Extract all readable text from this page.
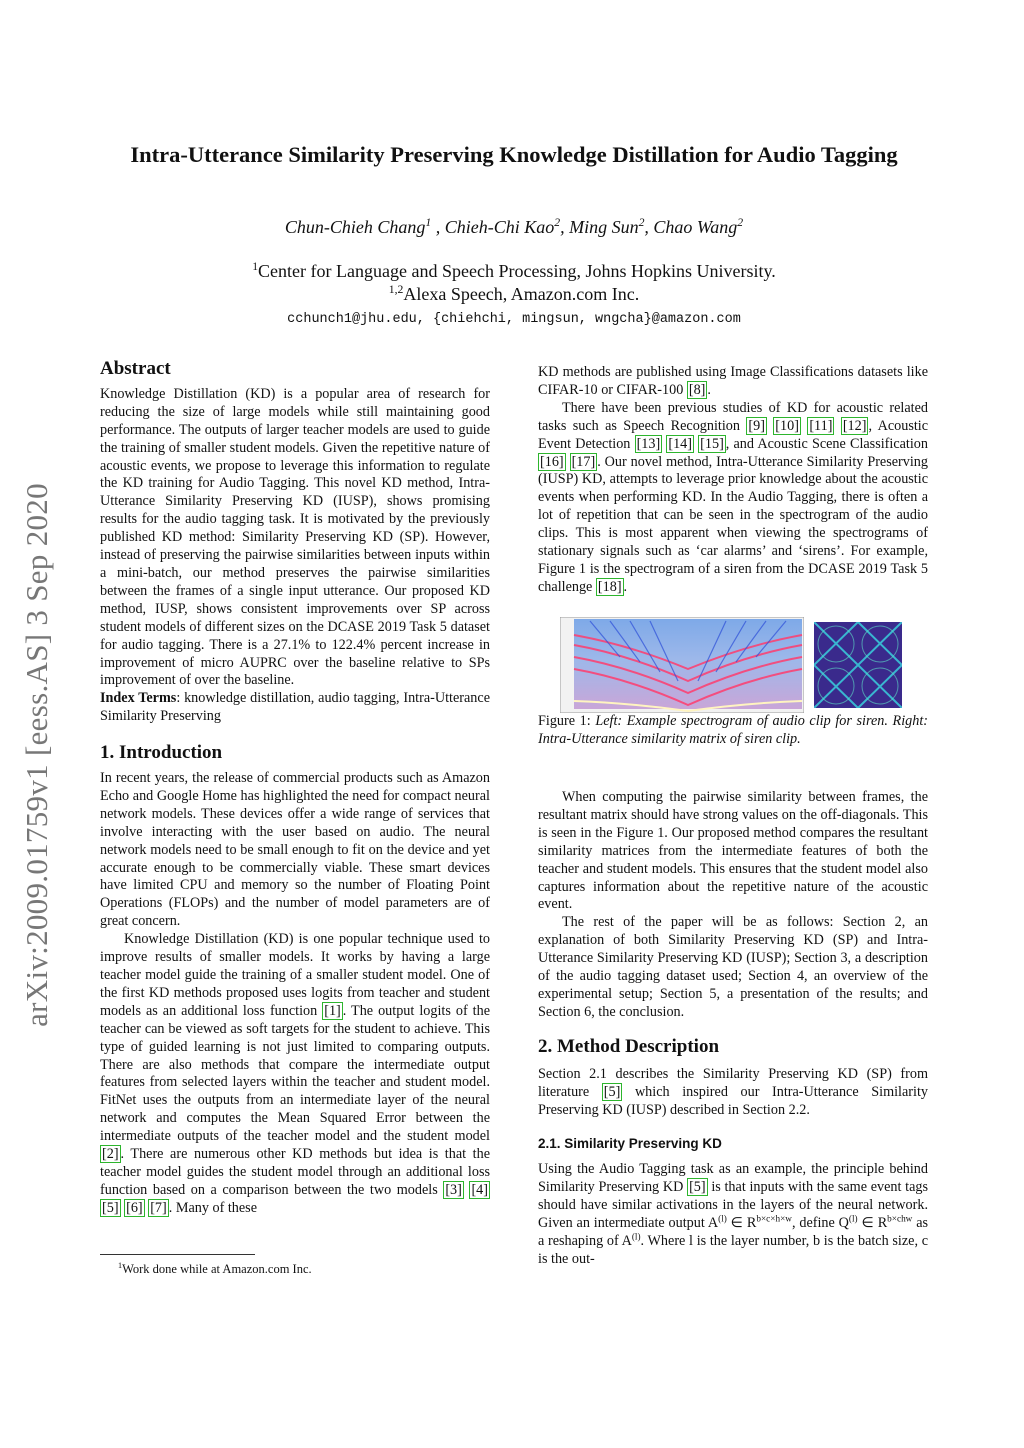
arXiv:2009.01759v1 [eess.AS] 3 Sep 2020
Intra-Utterance Similarity Preserving Knowledge Distillation for Audio Tagging
Chun-Chieh Chang$^1$ , Chieh-Chi Kao$^2$, Ming Sun$^2$, Chao Wang$^2$
$^1$Center for Language and Speech Processing, Johns Hopkins University.
$^{1,2}$Alexa Speech, Amazon.com Inc.
cchunch1@jhu.edu, {chiehchi, mingsun, wngcha}@amazon.com

Abstract

Knowledge Distillation (KD) is a popular area of research for reducing the size of large models while still maintaining good performance. The outputs of larger teacher models are used to guide the training of smaller student models. Given the repetitive nature of acoustic events, we propose to leverage this information to regulate the KD training for Audio Tagging. This novel KD method, Intra-Utterance Similarity Preserving KD (IUSP), shows promising results for the audio tagging task. It is motivated by the previously published KD method: Similarity Preserving KD (SP). However, instead of preserving the pairwise similarities between inputs within a mini-batch, our method preserves the pairwise similarities between the frames of a single input utterance. Our proposed KD method, IUSP, shows consistent improvements over SP across student models of different sizes on the DCASE 2019 Task 5 dataset for audio tagging. There is a 27.1% to 122.4% percent increase in improvement of micro AUPRC over the baseline relative to SPs improvement of over the baseline.

Index Terms: knowledge distillation, audio tagging, Intra-Utterance Similarity Preserving

1. Introduction

In recent years, the release of commercial products such as Amazon Echo and Google Home has highlighted the need for compact neural network models. These devices offer a wide range of services that involve interacting with the user based on audio. The neural network models need to be small enough to fit on the device and yet accurate enough to be commercially viable. These smart devices have limited CPU and memory so the number of Floating Point Operations (FLOPs) and the number of model parameters are of great concern.

Knowledge Distillation (KD) is one popular technique used to improve results of smaller models. It works by having a large teacher model guide the training of a smaller student model. One of the first KD methods proposed uses logits from teacher and student models as an additional loss function [1] . The output logits of the teacher can be viewed as soft targets for the student to achieve. This type of guided learning is not just limited to comparing outputs. There are also methods that compare the intermediate output features from selected layers within the teacher and student model. FitNet uses the outputs from an intermediate layer of the neural network and computes the Mean Squared Error between the intermediate outputs of the teacher model and the student model [2] . There are numerous other KD methods but idea is that the teacher model guides the student model through an additional loss function based on a comparison between the two models [3] [4] [5] [6] [7] . Many of these

$^1$Work done while at Amazon.com Inc.

KD methods are published using Image Classifications datasets like CIFAR-10 or CIFAR-100 [8] .

There have been previous studies of KD for acoustic related tasks such as Speech Recognition [9] [10] [11] [12] , Acoustic Event Detection [13] [14] [15] , and Acoustic Scene Classification [16] [17] . Our novel method, Intra-Utterance Similarity Preserving (IUSP) KD, attempts to leverage prior knowledge about the acoustic events when performing KD. In the Audio Tagging, there is often a lot of repetition that can be seen in the spectrogram of the audio clips. This is most apparent when viewing the spectrograms of stationary signals such as ‘car alarms’ and ‘sirens’. For example, Figure 1 is the spectrogram of a siren from the DCASE 2019 Task 5 challenge [18] .

Figure 1: Left: Example spectrogram of audio clip for siren. Right: Intra-Utterance similarity matrix of siren clip.

When computing the pairwise similarity between frames, the resultant matrix should have strong values on the off-diagonals. This is seen in the Figure 1. Our proposed method compares the resultant similarity matrices from the intermediate features of both the teacher and student models. This ensures that the student model also captures information about the repetitive nature of the acoustic event.

The rest of the paper will be as follows: Section 2, an explanation of both Similarity Preserving KD (SP) and Intra-Utterance Similarity Preserving KD (IUSP); Section 3, a description of the audio tagging dataset used; Section 4, an overview of the experimental setup; Section 5, a presentation of the results; and Section 6, the conclusion.

2. Method Description

Section 2.1 describes the Similarity Preserving KD (SP) from literature [5] which inspired our Intra-Utterance Similarity Preserving KD (IUSP) described in Section 2.2.

2.1. Similarity Preserving KD

Using the Audio Tagging task as an example, the principle behind Similarity Preserving KD [5] is that inputs with the same event tags should have similar activations in the layers of the neural network. Given an intermediate output $A^{(l)}$ ∈ $R^{b\times c\times h\times w}$, define $Q^{(l)}$ ∈ $R^{b\times chw}$ as a reshaping of $A^{(l)}$. Where l is the layer number, b is the batch size, c is the out-
